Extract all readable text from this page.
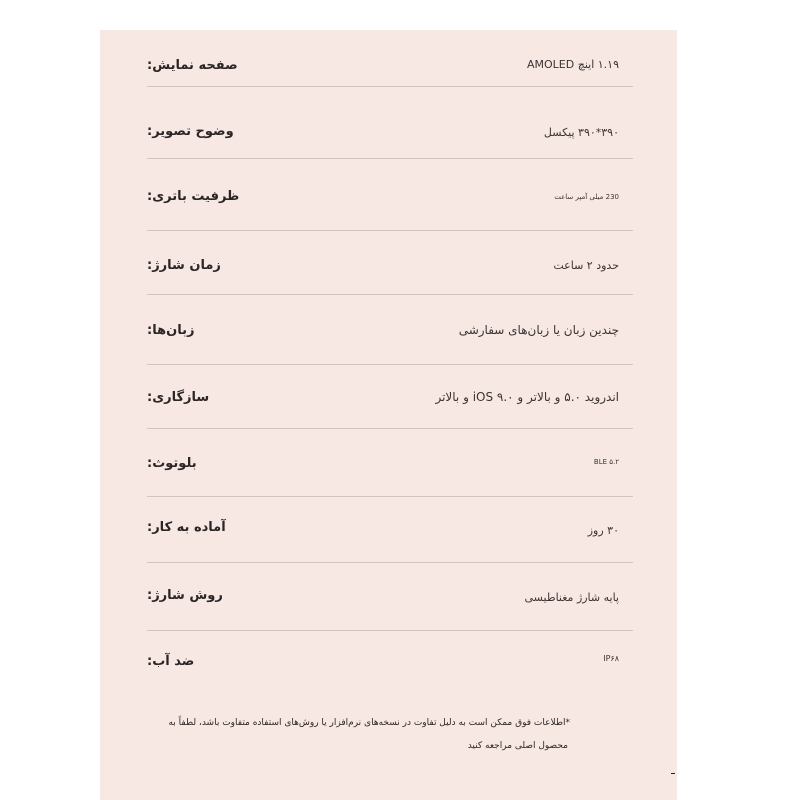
صفحه نمایش:	۱.۱۹ اینچ AMOLED
وضوح تصویر:	۳۹۰*۳۹۰ پیکسل
ظرفیت باتری:	230 میلی آمپر ساعت
زمان شارژ:	حدود ۲ ساعت
زبان‌ها:	چندین زبان یا زبان‌های سفارشی
سازگاری:	اندروید ۵.۰ و بالاتر و iOS ۹.۰ و بالاتر
بلوتوث:	BLE ۵.۲
آماده به کار:	۳۰ روز
روش شارژ:	پایه شارژ مغناطیسی
ضد آب:	IP۶۸
*اطلاعات فوق ممکن است به دلیل تفاوت در نسخه‌های نرم‌افزار یا روش‌های استفاده متفاوت باشد، لطفاً به
محصول اصلی مراجعه کنید
